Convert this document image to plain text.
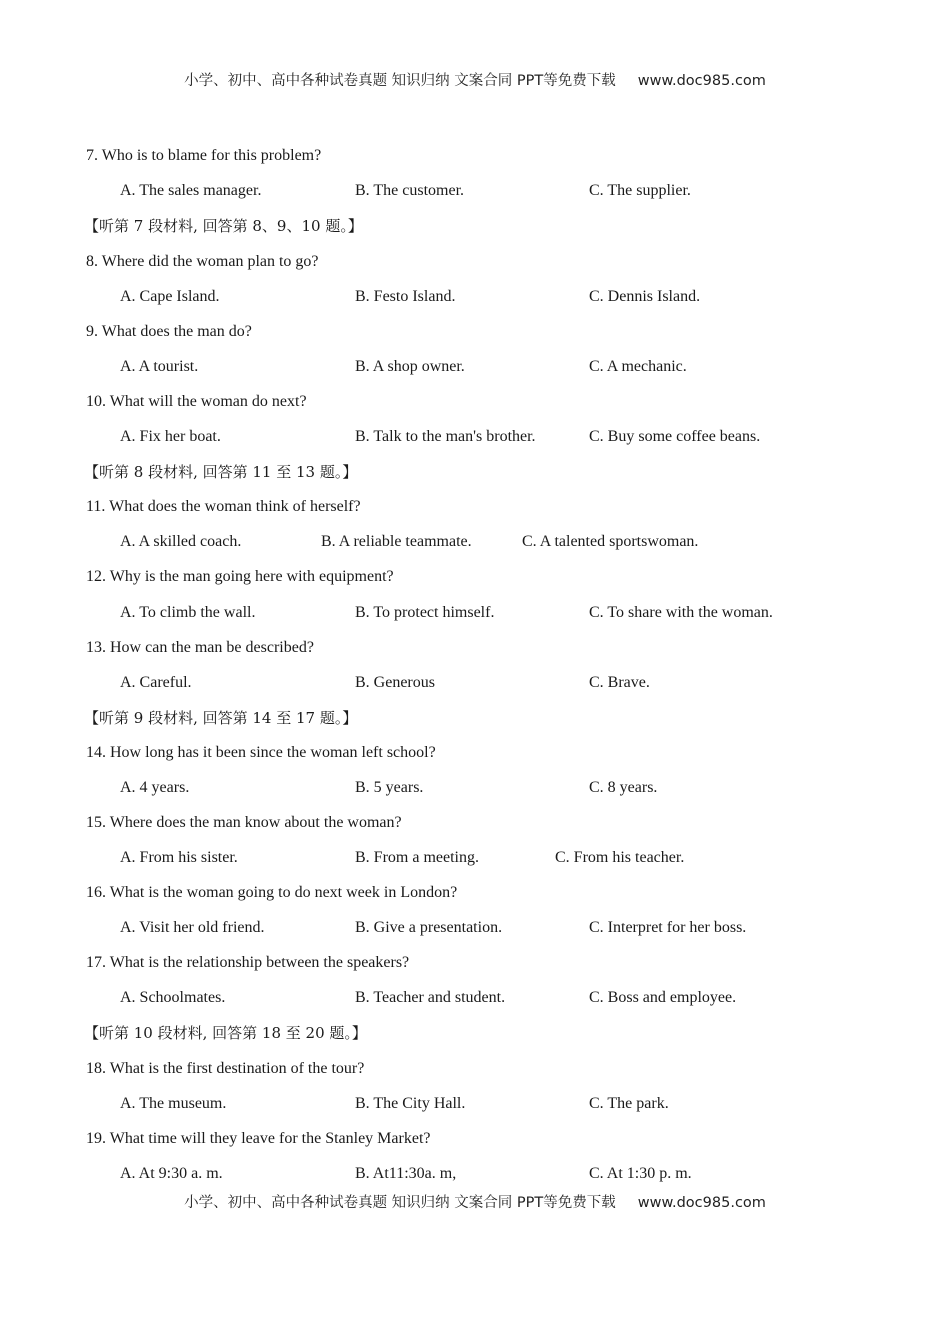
小学、初中、高中各种试卷真题 知识归纳 文案合同 PPT等免费下载 www.doc985.com
7. Who is to blame for this problem?
A. The sales manager.	B. The customer.	C. The supplier.
【听第 7 段材料, 回答第 8、9、10 题。】
8. Where did the woman plan to go?
A. Cape Island.	B. Festo Island.	C. Dennis Island.
9. What does the man do?
A. A tourist.	B. A shop owner.	C. A mechanic.
10. What will the woman do next?
A. Fix her boat.	B. Talk to the man's brother.	C. Buy some coffee beans.
【听第 8 段材料, 回答第 11 至 13 题。】
11. What does the woman think of herself?
A. A skilled coach.	B. A reliable teammate.	C. A talented sportswoman.
12. Why is the man going here with equipment?
A. To climb the wall.	B. To protect himself.	C. To share with the woman.
13. How can the man be described?
A. Careful.	B. Generous	C. Brave.
【听第 9 段材料, 回答第 14 至 17 题。】
14. How long has it been since the woman left school?
A. 4 years.	B. 5 years.	C. 8 years.
15. Where does the man know about the woman?
A. From his sister.	B. From a meeting.	C. From his teacher.
16. What is the woman going to do next week in London?
A. Visit her old friend.	B. Give a presentation.	C. Interpret for her boss.
17. What is the relationship between the speakers?
A. Schoolmates.	B. Teacher and student.	C. Boss and employee.
【听第 10 段材料, 回答第 18 至 20 题。】
18. What is the first destination of the tour?
A. The museum.	B. The City Hall.	C. The park.
19. What time will they leave for the Stanley Market?
A. At 9:30 a. m.	B. At11:30a. m,	C. At 1:30 p. m.
小学、初中、高中各种试卷真题 知识归纳 文案合同 PPT等免费下载 www.doc985.com
